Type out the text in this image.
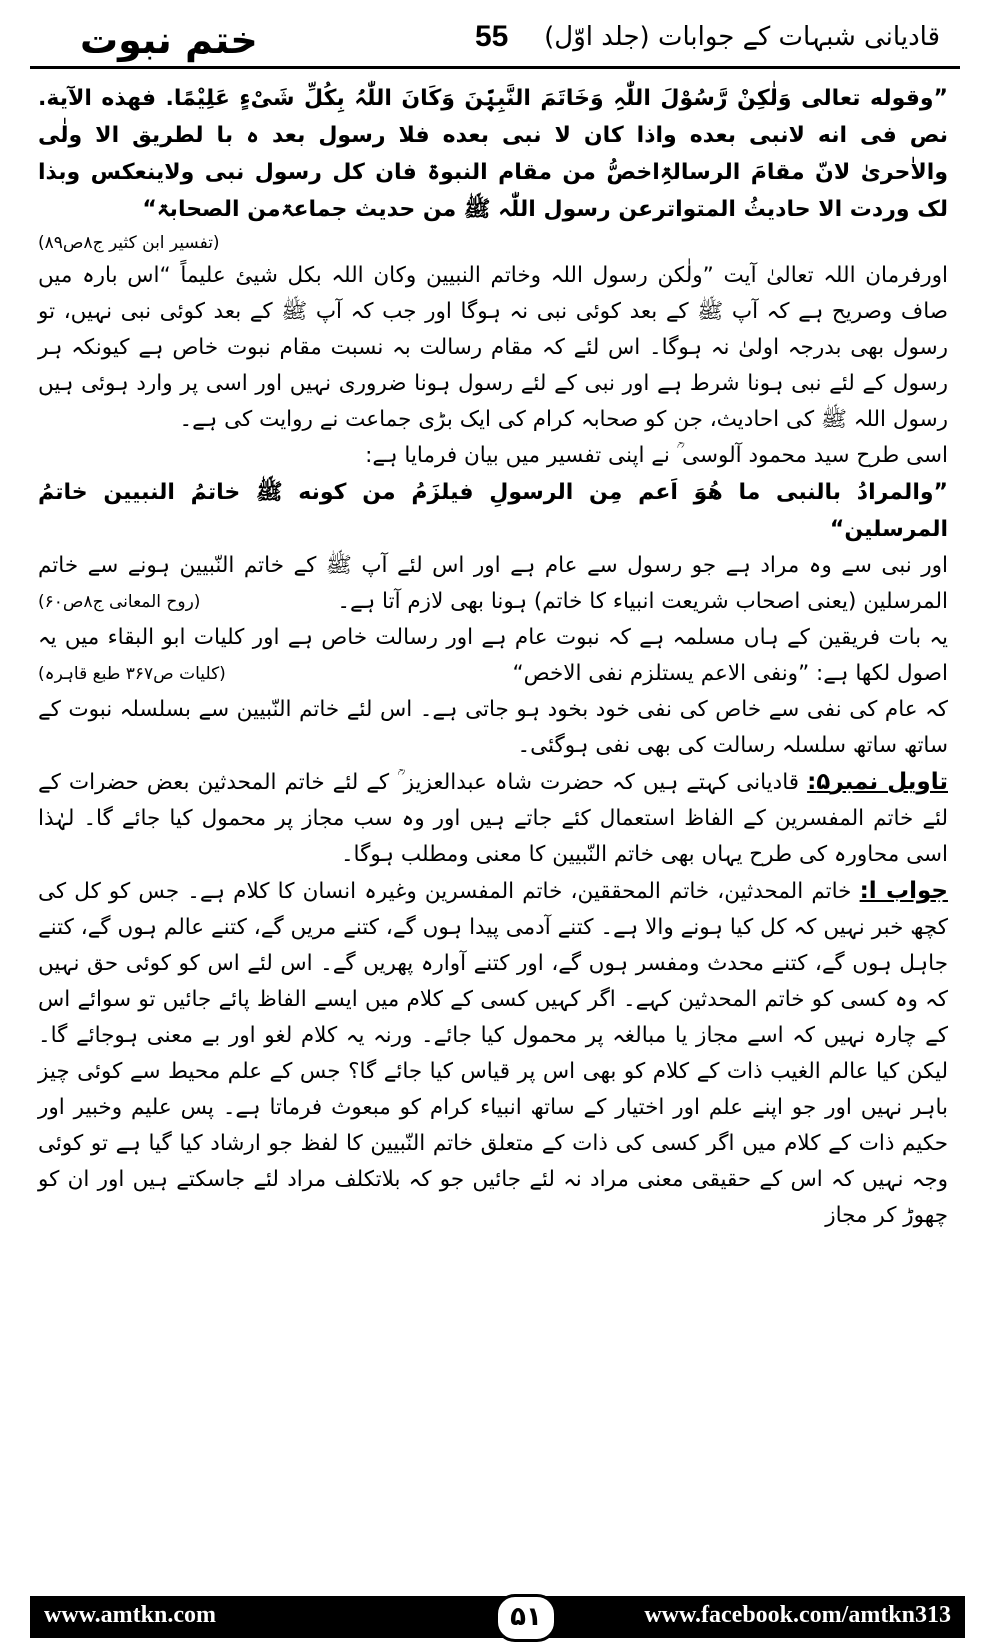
ختم نبوت	55 قادیانی شبہات کے جوابات (جلد اوّل)

”وقوله تعالی وَلٰکِنْ رَّسُوْلَ اللّٰہِ وَخَاتَمَ النَّبِیّٖنَ وَکَانَ اللّٰہُ بِکُلِّ شَیْءٍ عَلِیْمًا. فهذه الآية. نص فی انه لانبی بعده واذا کان لا نبی بعده فلا رسول بعد ہ با لطریق الا ولٰی والاٰحریٰ لانّ مقامَ الرسالۃِاخصُّ من مقام النبوۃ فان کل رسول نبی ولاینعکس وبذا لک وردت الا حادیثُ المتواترعن رسول اللّٰہ ﷺ من حدیث جماعۃمن الصحابۃ“

(تفسیر ابن کثیر ج۸ص۸۹)

اورفرمان اللہ تعالیٰ آیت ”ولٰکن رسول اللہ وخاتم النبیین وکان اللہ بکل شیئ علیماً “اس بارہ میں صاف وصریح ہے کہ آپ ﷺ کے بعد کوئی نبی نہ ہوگا اور جب کہ آپ ﷺ کے بعد کوئی نبی نہیں، تو رسول بھی بدرجہ اولیٰ نہ ہوگا۔ اس لئے کہ مقام رسالت بہ نسبت مقام نبوت خاص ہے کیونکہ ہر رسول کے لئے نبی ہونا شرط ہے اور نبی کے لئے رسول ہونا ضروری نہیں اور اسی پر وارد ہوئی ہیں رسول اللہ ﷺ کی احادیث، جن کو صحابہ کرام کی ایک بڑی جماعت نے روایت کی ہے۔

اسی طرح سید محمود آلوسی ؒ نے اپنی تفسیر میں بیان فرمایا ہے:

”والمرادُ بالنبی ما ھُوَ اَعم مِن الرسولِ فیلزَمُ من کونه ﷺ خاتمُ النبیین خاتمُ المرسلین“

اور نبی سے وہ مراد ہے جو رسول سے عام ہے اور اس لئے آپ ﷺ کے خاتم النّبیین ہونے سے خاتم المرسلین (یعنی اصحاب شریعت انبیاء کا خاتم) ہونا بھی لازم آتا ہے۔
(روح المعانی ج۸ص۶۰)

یہ بات فریقین کے ہاں مسلمہ ہے کہ نبوت عام ہے اور رسالت خاص ہے اور کلیات ابو البقاء میں یہ اصول لکھا ہے: ”ونفی الاعم یستلزم نفی الاخص“
(کلیات ص۳۶۷ طبع قاہرہ)

کہ عام کی نفی سے خاص کی نفی خود بخود ہو جاتی ہے۔ اس لئے خاتم النّبیین سے بسلسلہ نبوت کے ساتھ ساتھ سلسلہ رسالت کی بھی نفی ہوگئی۔

تاویل نمبر۵: قادیانی کہتے ہیں کہ حضرت شاہ عبدالعزیز ؒ کے لئے خاتم المحدثین بعض حضرات کے لئے خاتم المفسرین کے الفاظ استعمال کئے جاتے ہیں اور وہ سب مجاز پر محمول کیا جائے گا۔ لہٰذا اسی محاورہ کی طرح یہاں بھی خاتم النّبیین کا معنی ومطلب ہوگا۔

جواب ا: خاتم المحدثین، خاتم المحققین، خاتم المفسرین وغیرہ انسان کا کلام ہے۔ جس کو کل کی کچھ خبر نہیں کہ کل کیا ہونے والا ہے۔ کتنے آدمی پیدا ہوں گے، کتنے مریں گے، کتنے عالم ہوں گے، کتنے جاہل ہوں گے، کتنے محدث ومفسر ہوں گے، اور کتنے آوارہ پھریں گے۔ اس لئے اس کو کوئی حق نہیں کہ وہ کسی کو خاتم المحدثین کہے۔ اگر کہیں کسی کے کلام میں ایسے الفاظ پائے جائیں تو سوائے اس کے چارہ نہیں کہ اسے مجاز یا مبالغہ پر محمول کیا جائے۔ ورنہ یہ کلام لغو اور بے معنی ہوجائے گا۔ لیکن کیا عالم الغیب ذات کے کلام کو بھی اس پر قیاس کیا جائے گا؟ جس کے علم محیط سے کوئی چیز باہر نہیں اور جو اپنے علم اور اختیار کے ساتھ انبیاء کرام کو مبعوث فرماتا ہے۔ پس علیم وخبیر اور حکیم ذات کے کلام میں اگر کسی کی ذات کے متعلق خاتم النّبیین کا لفظ جو ارشاد کیا گیا ہے تو کوئی وجہ نہیں کہ اس کے حقیقی معنی مراد نہ لئے جائیں جو کہ بلاتکلف مراد لئے جاسکتے ہیں اور ان کو چھوڑ کر مجاز

www.amtkn.com	۵۱	www.facebook.com/amtkn313
